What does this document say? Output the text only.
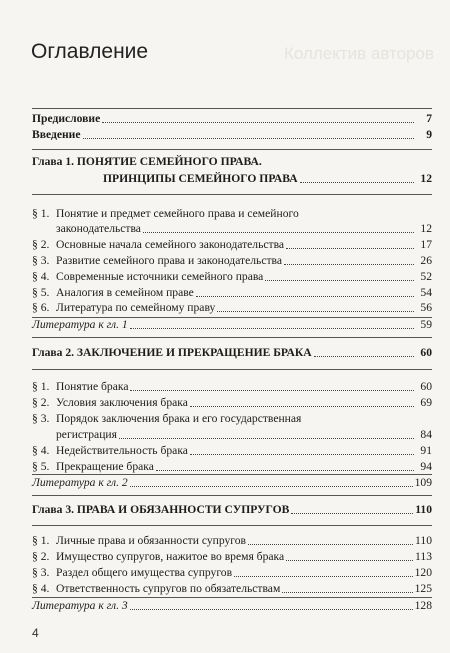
Оглавление	Коллектив авторов
Предисловие	7
Введение	9
Глава 1. ПОНЯТИЕ СЕМЕЙНОГО ПРАВА.
ПРИНЦИПЫ СЕМЕЙНОГО ПРАВА	12
§ 1. Понятие и предмет семейного права и семейного
законодательства	12
§ 2. Основные начала семейного законодательства	17
§ 3. Развитие семейного права и законодательства	26
§ 4. Современные источники семейного права	52
§ 5. Аналогия в семейном праве	54
§ 6. Литература по семейному праву	56
Литература к гл. 1	59
Глава 2. ЗАКЛЮЧЕНИЕ И ПРЕКРАЩЕНИЕ БРАКА	60
§ 1. Понятие брака	60
§ 2. Условия заключения брака	69
§ 3. Порядок заключения брака и его государственная
регистрация	84
§ 4. Недействительность брака	91
§ 5. Прекращение брака	94
Литература к гл. 2	109
Глава 3. ПРАВА И ОБЯЗАННОСТИ СУПРУГОВ	110
§ 1. Личные права и обязанности супругов	110
§ 2. Имущество супругов, нажитое во время брака	113
§ 3. Раздел общего имущества супругов	120
§ 4. Ответственность супругов по обязательствам	125
Литература к гл. 3	128
4
